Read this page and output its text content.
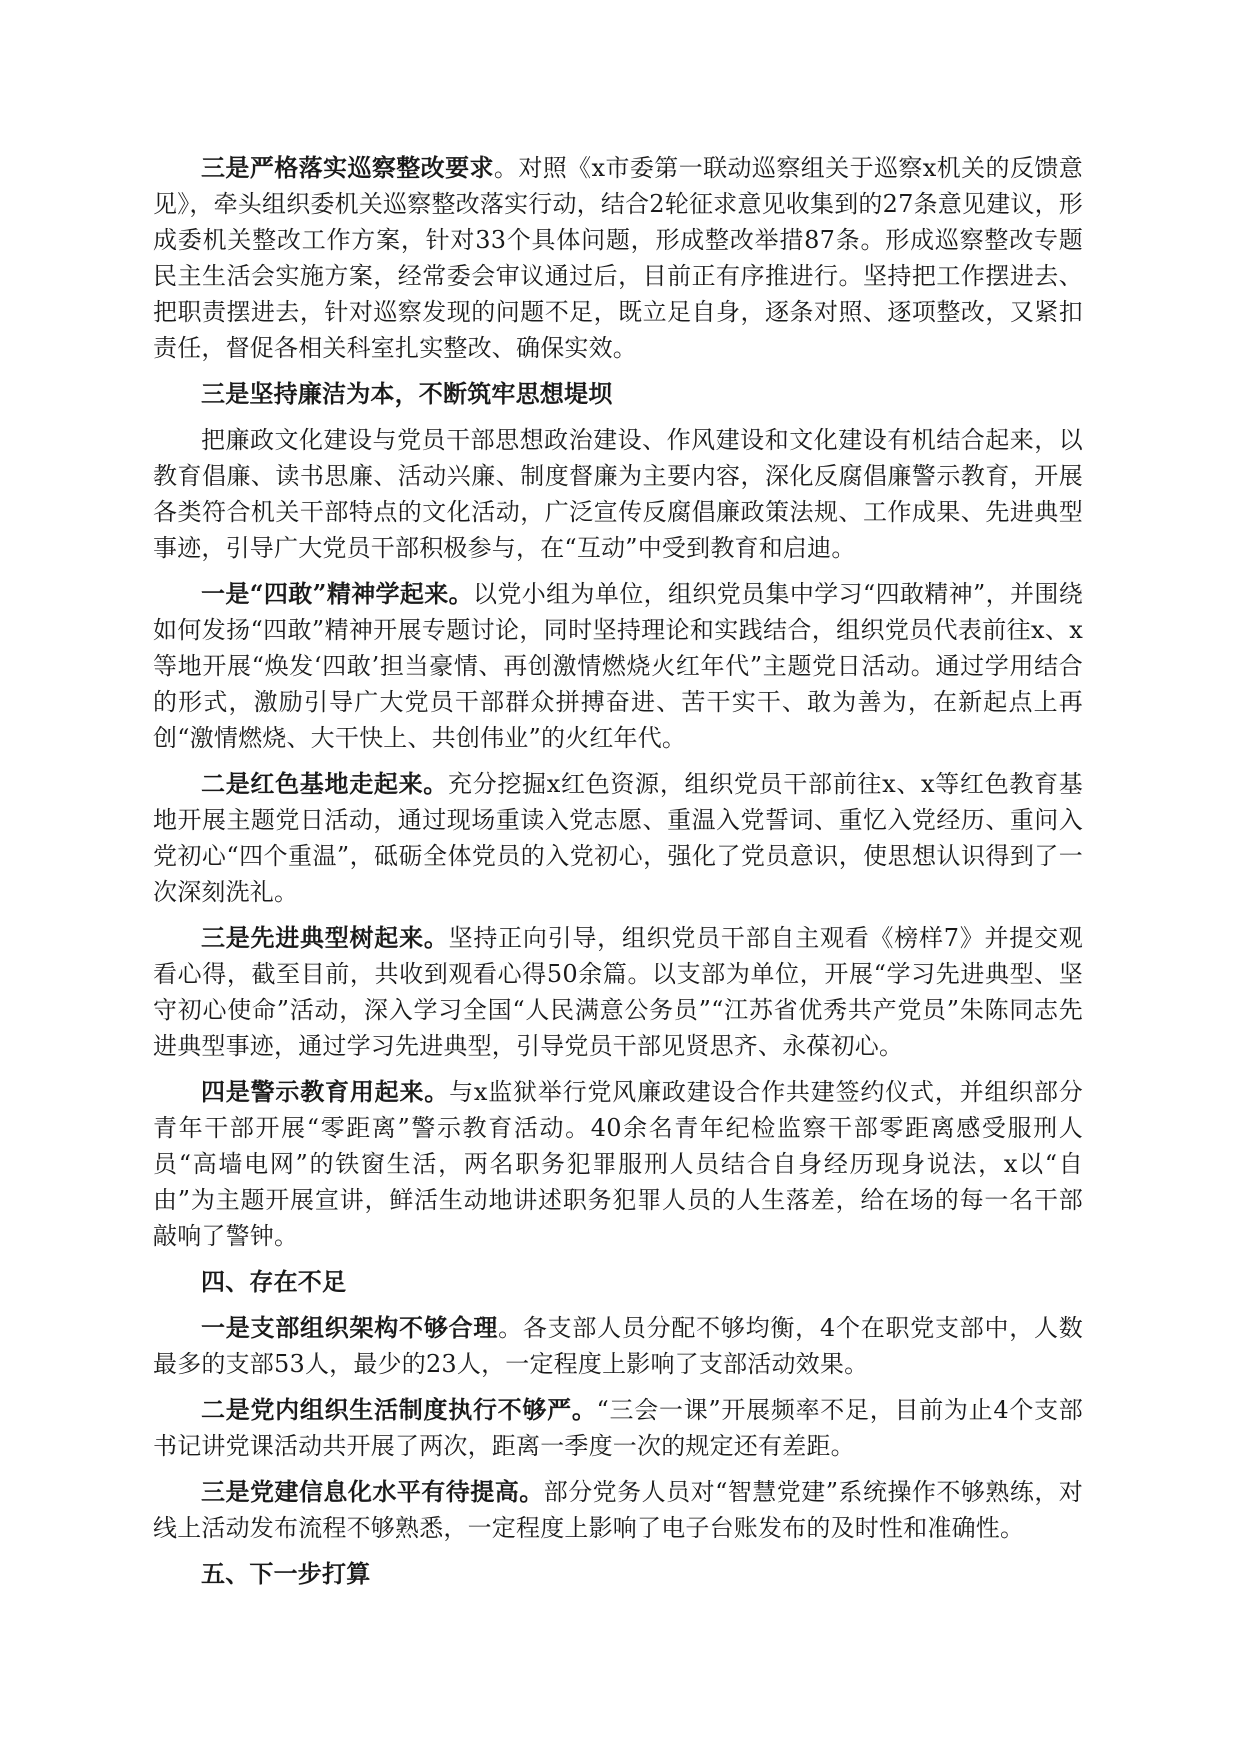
三是严格落实巡察整改要求。对照《x市委第一联动巡察组关于巡察x机关的反馈意见》，牵头组织委机关巡察整改落实行动，结合2轮征求意见收集到的27条意见建议，形成委机关整改工作方案，针对33个具体问题，形成整改举措87条。形成巡察整改专题民主生活会实施方案，经常委会审议通过后，目前正有序推进行。坚持把工作摆进去、把职责摆进去，针对巡察发现的问题不足，既立足自身，逐条对照、逐项整改，又紧扣责任，督促各相关科室扎实整改、确保实效。

三是坚持廉洁为本，不断筑牢思想堤坝

把廉政文化建设与党员干部思想政治建设、作风建设和文化建设有机结合起来，以教育倡廉、读书思廉、活动兴廉、制度督廉为主要内容，深化反腐倡廉警示教育，开展各类符合机关干部特点的文化活动，广泛宣传反腐倡廉政策法规、工作成果、先进典型事迹，引导广大党员干部积极参与，在“互动”中受到教育和启迪。

一是“四敢”精神学起来。以党小组为单位，组织党员集中学习“四敢精神”，并围绕如何发扬“四敢”精神开展专题讨论，同时坚持理论和实践结合，组织党员代表前往x、x等地开展“焕发‘四敢’担当豪情、再创激情燃烧火红年代”主题党日活动。通过学用结合的形式，激励引导广大党员干部群众拼搏奋进、苦干实干、敢为善为，在新起点上再创“激情燃烧、大干快上、共创伟业”的火红年代。

二是红色基地走起来。充分挖掘x红色资源，组织党员干部前往x、x等红色教育基地开展主题党日活动，通过现场重读入党志愿、重温入党誓词、重忆入党经历、重问入党初心“四个重温”，砥砺全体党员的入党初心，强化了党员意识，使思想认识得到了一次深刻洗礼。

三是先进典型树起来。坚持正向引导，组织党员干部自主观看《榜样7》并提交观看心得，截至目前，共收到观看心得50余篇。以支部为单位，开展“学习先进典型、坚守初心使命”活动，深入学习全国“人民满意公务员”“江苏省优秀共产党员”朱陈同志先进典型事迹，通过学习先进典型，引导党员干部见贤思齐、永葆初心。

四是警示教育用起来。与x监狱举行党风廉政建设合作共建签约仪式，并组织部分青年干部开展“零距离”警示教育活动。40余名青年纪检监察干部零距离感受服刑人员“高墙电网”的铁窗生活，两名职务犯罪服刑人员结合自身经历现身说法，x以“自由”为主题开展宣讲，鲜活生动地讲述职务犯罪人员的人生落差，给在场的每一名干部敲响了警钟。

四、存在不足

一是支部组织架构不够合理。各支部人员分配不够均衡，4个在职党支部中，人数最多的支部53人，最少的23人，一定程度上影响了支部活动效果。

二是党内组织生活制度执行不够严。“三会一课”开展频率不足，目前为止4个支部书记讲党课活动共开展了两次，距离一季度一次的规定还有差距。

三是党建信息化水平有待提高。部分党务人员对“智慧党建”系统操作不够熟练，对线上活动发布流程不够熟悉，一定程度上影响了电子台账发布的及时性和准确性。

五、下一步打算
